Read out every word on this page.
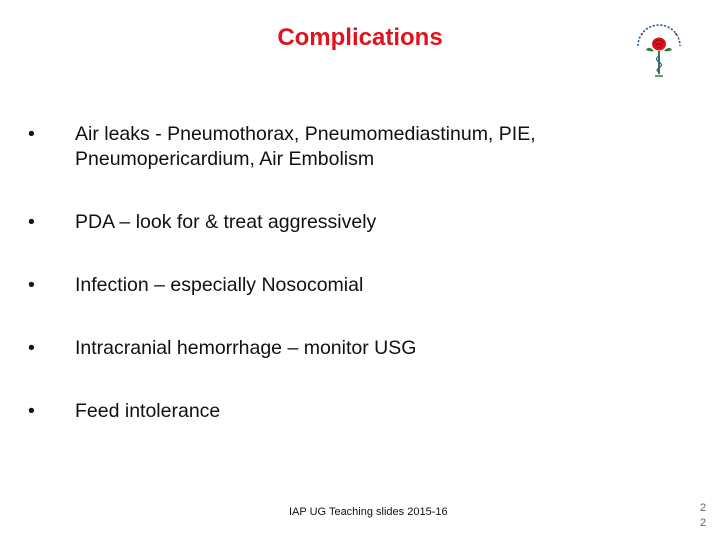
Complications
•	Air leaks - Pneumothorax, Pneumomediastinum, PIE, Pneumopericardium, Air Embolism
•	PDA – look for & treat aggressively
•	Infection – especially Nosocomial
•	Intracranial hemorrhage – monitor USG
•	Feed intolerance
IAP UG Teaching slides 2015-16	22
